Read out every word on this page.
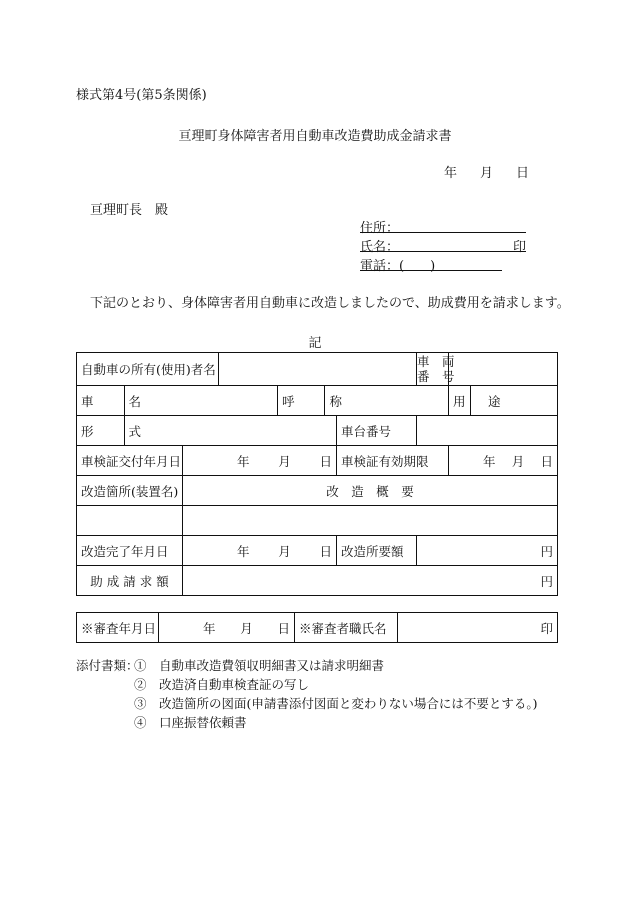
様式第4号(第5条関係)
亘理町身体障害者用自動車改造費助成金請求書
年 月 日
亘理町長　殿
住所：
氏名：	印
電話：(　　)
下記のとおり、身体障害者用自動車に改造しましたので、助成費用を請求します。
記
自動車の所有(使用)者名							車　両
番　号		

車　名				呼　称				用　途	
形　式						車台番号			
車検証交付年月日		年 月 日				車検証有効期限		年 月 日	

改造箇所(装置名)		改　造　概　要							

改造完了年月日		年 月 日				改造所要額	円		
助 成 請 求 額		円							
※審査年月日	年 月 日	※審査者職氏名	印
添付書類：
①　自動車改造費領収明細書又は請求明細書
②　改造済自動車検査証の写し
③　改造箇所の図面(申請書添付図面と変わりない場合には不要とする。)
④　口座振替依頼書
